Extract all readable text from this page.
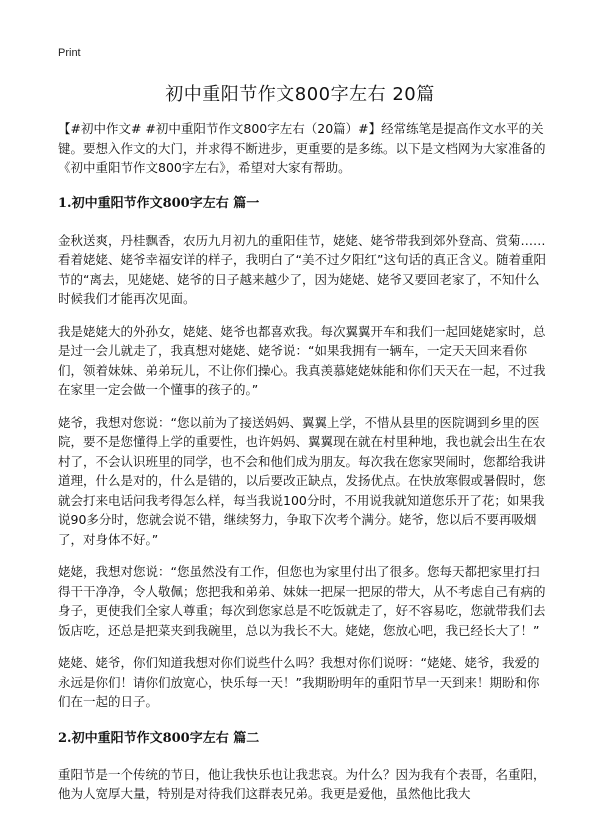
Print
初中重阳节作文800字左右 20篇

【#初中作文# #初中重阳节作文800字左右（20篇）#】经常练笔是提高作文水平的关键。要想入作文的大门，并求得不断进步，更重要的是多练。以下是文档网为大家准备的《初中重阳节作文800字左右》，希望对大家有帮助。

1.初中重阳节作文800字左右 篇一

金秋送爽，丹桂飘香，农历九月初九的重阳佳节，姥姥、姥爷带我到郊外登高、赏菊……看着姥姥、姥爷幸福安详的样子，我明白了“美不过夕阳红”这句话的真正含义。随着重阳节的“离去，见姥姥、姥爷的日子越来越少了，因为姥姥、姥爷又要回老家了，不知什么时候我们才能再次见面。

我是姥姥大的外孙女，姥姥、姥爷也都喜欢我。每次翼翼开车和我们一起回姥姥家时，总是过一会儿就走了，我真想对姥姥、姥爷说：“如果我拥有一辆车，一定天天回来看你们，领着妹妹、弟弟玩儿，不让你们操心。我真羡慕姥姥妹能和你们天天在一起，不过我在家里一定会做一个懂事的孩子的。”

姥爷，我想对您说：“您以前为了接送妈妈、翼翼上学，不惜从县里的医院调到乡里的医院，要不是您懂得上学的重要性，也许妈妈、翼翼现在就在村里种地，我也就会出生在农村了，不会认识班里的同学，也不会和他们成为朋友。每次我在您家哭闹时，您都给我讲道理，什么是对的，什么是错的，以后要改正缺点，发扬优点。在快放寒假或暑假时，您就会打来电话问我考得怎么样，每当我说100分时，不用说我就知道您乐开了花；如果我说90多分时，您就会说不错，继续努力，争取下次考个满分。姥爷，您以后不要再吸烟了，对身体不好。”

姥姥，我想对您说：“您虽然没有工作，但您也为家里付出了很多。您每天都把家里打扫得干干净净，令人敬佩；您把我和弟弟、妹妹一把屎一把尿的带大，从不考虑自己有病的身子，更使我们全家人尊重；每次到您家总是不吃饭就走了，好不容易吃，您就带我们去饭店吃，还总是把菜夹到我碗里，总以为我长不大。姥姥，您放心吧，我已经长大了！”

姥姥、姥爷，你们知道我想对你们说些什么吗？我想对你们说呀：“姥姥、姥爷，我爱的永远是你们！请你们放宽心，快乐每一天！”我期盼明年的重阳节早一天到来！期盼和你们在一起的日子。

2.初中重阳节作文800字左右 篇二

重阳节是一个传统的节日，他让我快乐也让我悲哀。为什么？因为我有个表哥，名重阳，他为人宽厚大量，特别是对待我们这群表兄弟。我更是爱他，虽然他比我大
